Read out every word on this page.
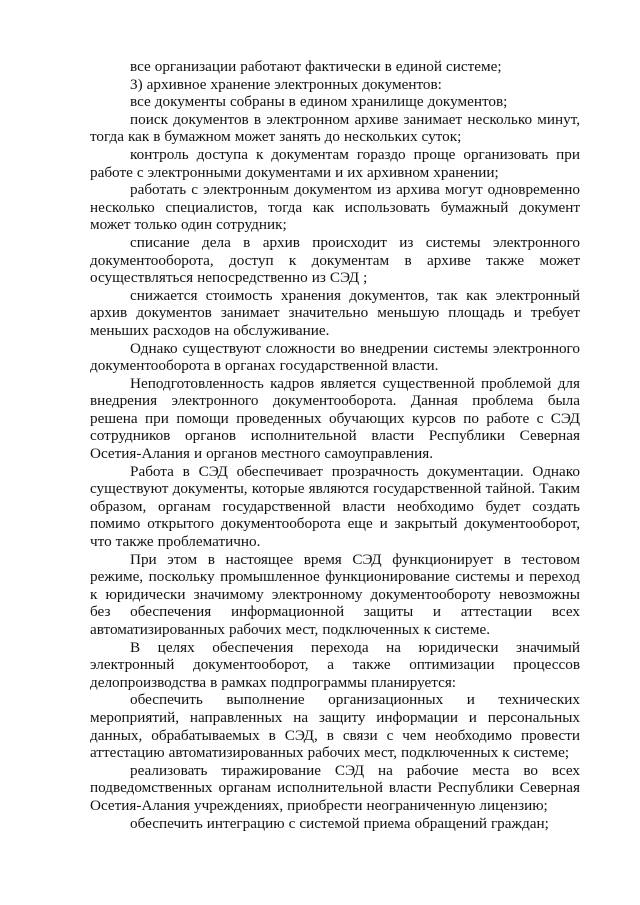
все организации работают фактически в единой системе;

3) архивное хранение электронных документов:

все документы собраны в едином хранилище документов;

поиск документов в электронном архиве занимает несколько минут, тогда как в бумажном может занять до нескольких суток;

контроль доступа к документам гораздо проще организовать при работе с электронными документами и их архивном хранении;

работать с электронным документом из архива могут одновременно несколько специалистов, тогда как использовать бумажный документ может только один сотрудник;

списание дела в архив происходит из системы электронного документооборота, доступ к документам в архиве также может осуществляться непосредственно из СЭД ;

снижается стоимость хранения документов, так как электронный архив документов занимает значительно меньшую площадь и требует меньших расходов на обслуживание.

Однако существуют сложности во внедрении системы электронного документооборота в органах государственной власти.

Неподготовленность кадров является существенной проблемой для внедрения электронного документооборота. Данная проблема была решена при помощи проведенных обучающих курсов по работе с СЭД сотрудников органов исполнительной власти Республики Северная Осетия-Алания и органов местного самоуправления.

Работа в СЭД обеспечивает прозрачность документации. Однако существуют документы, которые являются государственной тайной. Таким образом, органам государственной власти необходимо будет создать помимо открытого документооборота еще и закрытый документооборот, что также проблематично.

При этом в настоящее время СЭД функционирует в тестовом режиме, поскольку промышленное функционирование системы и переход к юридически значимому электронному документообороту невозможны без обеспечения информационной защиты и аттестации всех автоматизированных рабочих мест, подключенных к системе.

В целях обеспечения перехода на юридически значимый электронный документооборот, а также оптимизации процессов делопроизводства в рамках подпрограммы планируется:

обеспечить выполнение организационных и технических мероприятий, направленных на защиту информации и персональных данных, обрабатываемых в СЭД, в связи с чем необходимо провести аттестацию автоматизированных рабочих мест, подключенных к системе;

реализовать тиражирование СЭД на рабочие места во всех подведомственных органам исполнительной власти Республики Северная Осетия-Алания учреждениях, приобрести неограниченную лицензию;

обеспечить интеграцию с системой приема обращений граждан;
